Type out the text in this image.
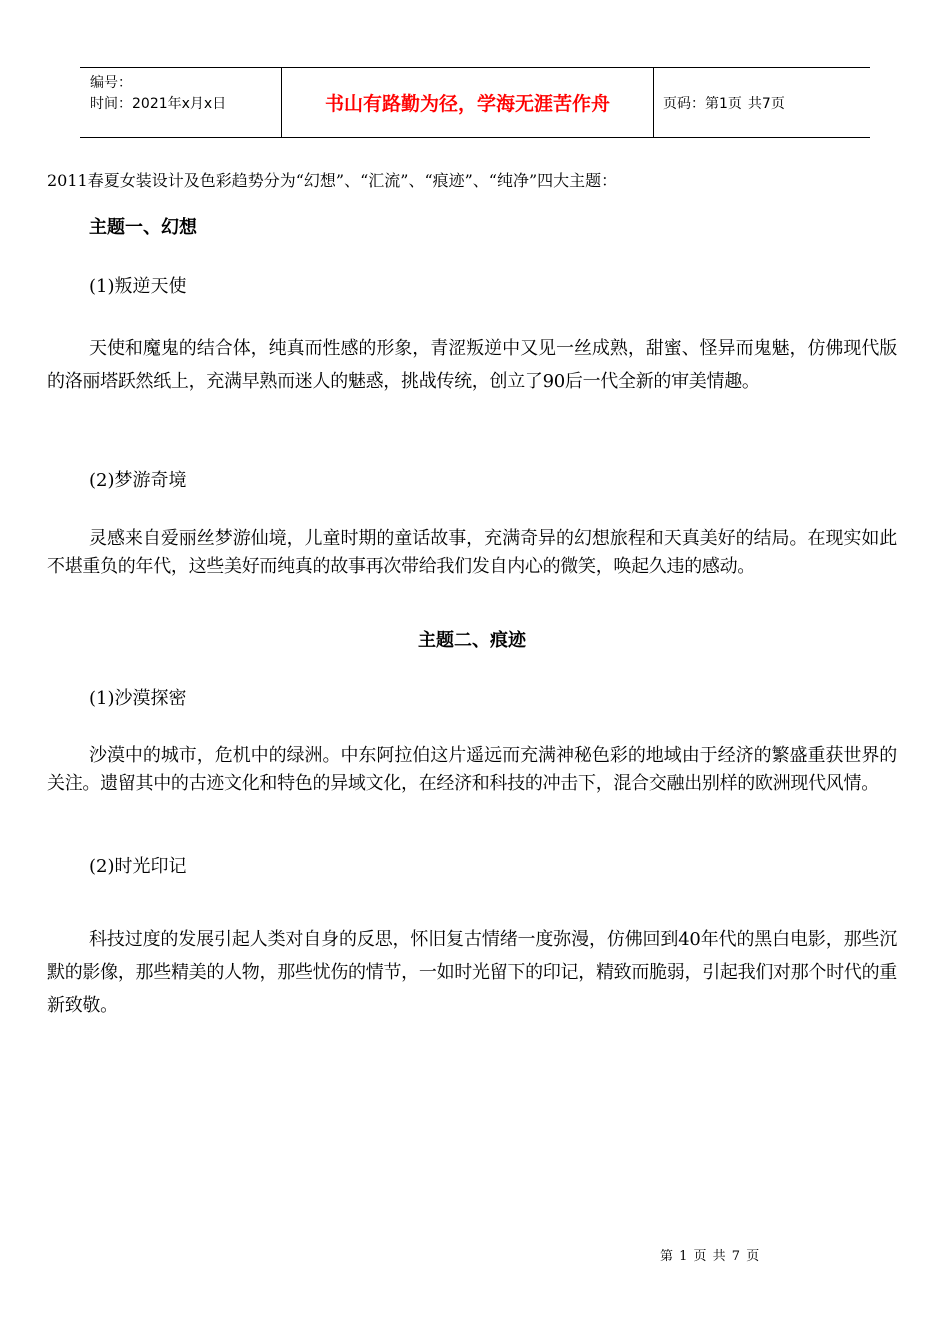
编号：
时间：2021年x月x日	书山有路勤为径，学海无涯苦作舟	页码：第1页 共7页

2011春夏女装设计及色彩趋势分为“幻想”、“汇流”、“痕迹”、“纯净”四大主题：

主题一、幻想

(1)叛逆天使

天使和魔鬼的结合体，纯真而性感的形象，青涩叛逆中又见一丝成熟，甜蜜、怪异而鬼魅，仿佛现代版的洛丽塔跃然纸上，充满早熟而迷人的魅惑，挑战传统，创立了90后一代全新的审美情趣。

(2)梦游奇境

灵感来自爱丽丝梦游仙境，儿童时期的童话故事，充满奇异的幻想旅程和天真美好的结局。在现实如此不堪重负的年代，这些美好而纯真的故事再次带给我们发自内心的微笑，唤起久违的感动。

主题二、痕迹

(1)沙漠探密

沙漠中的城市，危机中的绿洲。中东阿拉伯这片遥远而充满神秘色彩的地域由于经济的繁盛重获世界的关注。遗留其中的古迹文化和特色的异域文化，在经济和科技的冲击下，混合交融出别样的欧洲现代风情。

(2)时光印记

科技过度的发展引起人类对自身的反思，怀旧复古情绪一度弥漫，仿佛回到40年代的黑白电影，那些沉默的影像，那些精美的人物，那些忧伤的情节，一如时光留下的印记，精致而脆弱，引起我们对那个时代的重新致敬。

第 1 页 共 7 页
